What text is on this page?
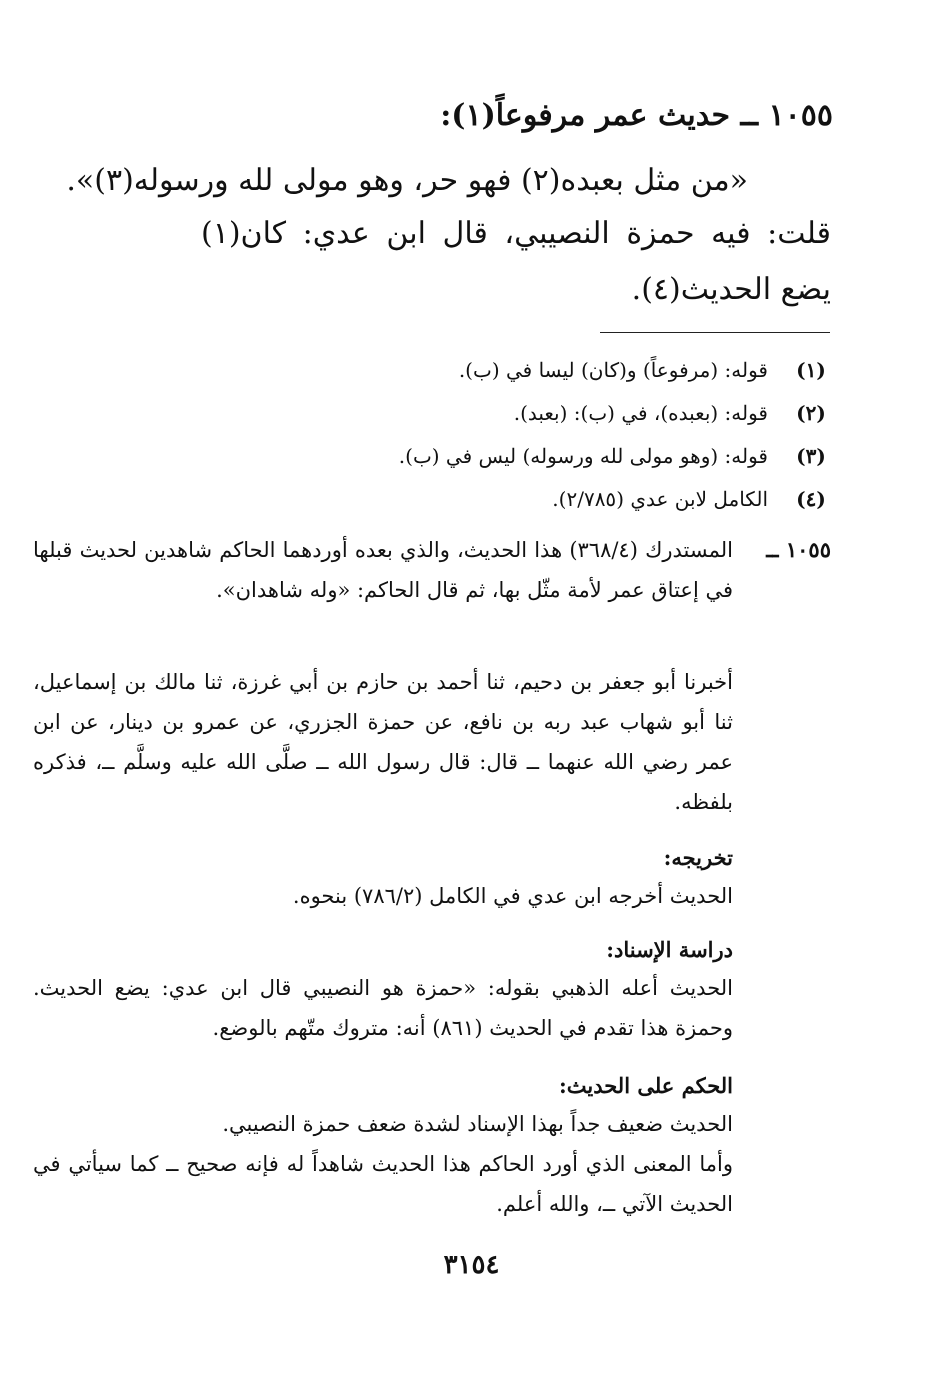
١٠٥٥ ــ حديث عمر مرفوعاً(١):
«من مثل بعبده(٢) فهو حر، وهو مولى لله ورسوله(٣)».
قلت: فيه حمزة النصيبي، قال ابن عدي: كان(١) يضع الحديث(٤).
(١)
قوله: (مرفوعاً) و(كان) ليسا في (ب).
(٢)
قوله: (بعبده)، في (ب): (بعبد).
(٣)
قوله: (وهو مولى لله ورسوله) ليس في (ب).
(٤)
الكامل لابن عدي (٢/٧٨٥).
١٠٥٥ ــ
المستدرك (٣٦٨/٤) هذا الحديث، والذي بعده أوردهما الحاكم شاهدين لحديث قبلها في إعتاق عمر لأمة مثّل بها، ثم قال الحاكم: «وله شاهدان».
أخبرنا أبو جعفر بن دحيم، ثنا أحمد بن حازم بن أبي غرزة، ثنا مالك بن إسماعيل، ثنا أبو شهاب عبد ربه بن نافع، عن حمزة الجزري، عن عمرو بن دينار، عن ابن عمر رضي الله عنهما ــ قال: قال رسول الله ــ صلَّى الله عليه وسلَّم ــ، فذكره بلفظه.
تخريجه:
الحديث أخرجه ابن عدي في الكامل (٧٨٦/٢) بنحوه.
دراسة الإسناد:
الحديث أعله الذهبي بقوله: «حمزة هو النصيبي قال ابن عدي: يضع الحديث. وحمزة هذا تقدم في الحديث (٨٦١) أنه: متروك متّهم بالوضع.
الحكم على الحديث:
الحديث ضعيف جداً بهذا الإسناد لشدة ضعف حمزة النصيبي.
وأما المعنى الذي أورد الحاكم هذا الحديث شاهداً له فإنه صحيح ــ كما سيأتي في الحديث الآتي ــ، والله أعلم.
٣١٥٤
